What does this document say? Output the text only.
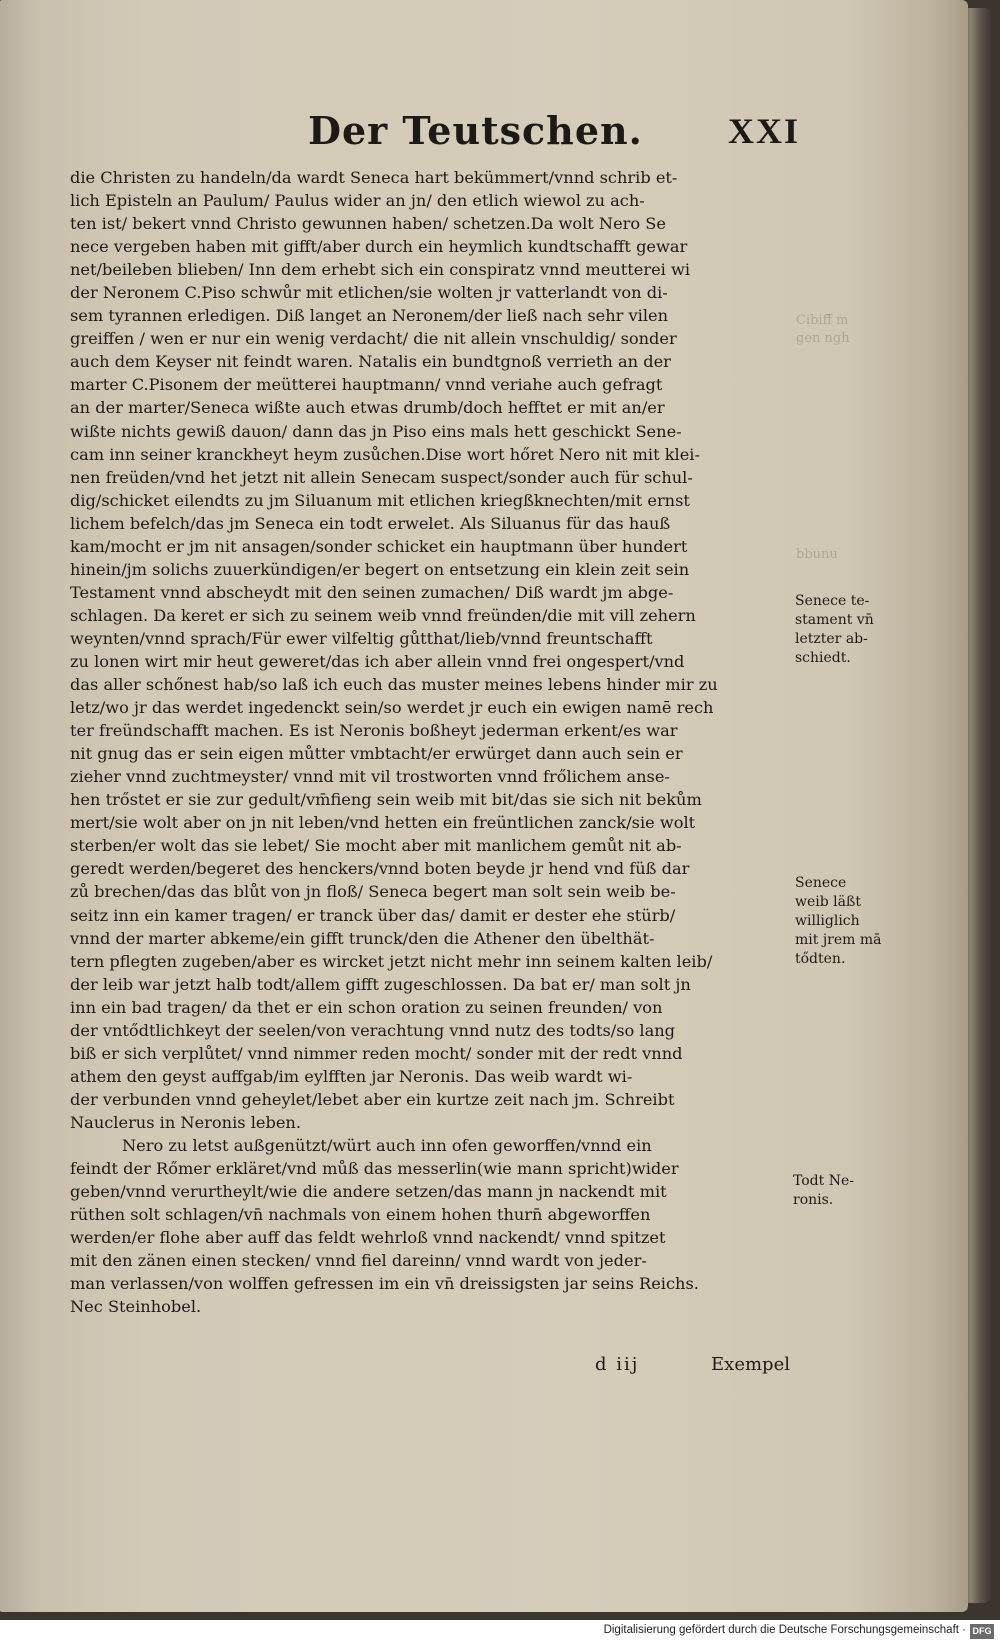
Der Teutschen. XXI
die Christen zu handeln/da wardt Seneca hart bekümmert/vnnd schrib et-
lich Episteln an Paulum/ Paulus wider an jn/ den etlich wiewol zu ach-
ten ist/ bekert vnnd Christo gewunnen haben/ schetzen.Da wolt Nero Se
nece vergeben haben mit gifft/aber durch ein heymlich kundtschafft gewar
net/beileben blieben/ Inn dem erhebt sich ein conspiratz vnnd meutterei wi
der Neronem C.Piso schwůr mit etlichen/sie wolten jr vatterlandt von di-
sem tyrannen erledigen. Diß langet an Neronem/der ließ nach sehr vilen
greiffen / wen er nur ein wenig verdacht/ die nit allein vnschuldig/ sonder
auch dem Keyser nit feindt waren. Natalis ein bundtgnoß verrieth an der
marter C.Pisonem der meütterei hauptmann/ vnnd veriahe auch gefragt
an der marter/Seneca wißte auch etwas drumb/doch hefftet er mit an/er
wißte nichts gewiß dauon/ dann das jn Piso eins mals hett geschickt Sene-
cam inn seiner kranckheyt heym zusůchen.Dise wort hőret Nero nit mit klei-
nen freüden/vnd het jetzt nit allein Senecam suspect/sonder auch für schul-
dig/schicket eilendts zu jm Siluanum mit etlichen kriegßknechten/mit ernst
lichem befelch/das jm Seneca ein todt erwelet. Als Siluanus für das hauß
kam/mocht er jm nit ansagen/sonder schicket ein hauptmann über hundert
hinein/jm solichs zuuerkündigen/er begert on entsetzung ein klein zeit sein
Testament vnnd abscheydt mit den seinen zumachen/ Diß wardt jm abge-
schlagen. Da keret er sich zu seinem weib vnnd freünden/die mit vill zehern
weynten/vnnd sprach/Für ewer vilfeltig gůtthat/lieb/vnnd freuntschafft
zu lonen wirt mir heut geweret/das ich aber allein vnnd frei ongespert/vnd
das aller schőnest hab/so laß ich euch das muster meines lebens hinder mir zu
letz/wo jr das werdet ingedenckt sein/so werdet jr euch ein ewigen namē rech
ter freündschafft machen. Es ist Neronis boßheyt jederman erkent/es war
nit gnug das er sein eigen můtter vmbtacht/er erwürget dann auch sein er
zieher vnnd zuchtmeyster/ vnnd mit vil trostworten vnnd frőlichem anse-
hen trőstet er sie zur gedult/vm̄fieng sein weib mit bit/das sie sich nit bekům
mert/sie wolt aber on jn nit leben/vnd hetten ein freüntlichen zanck/sie wolt
sterben/er wolt das sie lebet/ Sie mocht aber mit manlichem gemůt nit ab-
geredt werden/begeret des henckers/vnnd boten beyde jr hend vnd füß dar
zů brechen/das das blůt von jn floß/ Seneca begert man solt sein weib be-
seitz inn ein kamer tragen/ er tranck über das/ damit er dester ehe stürb/
vnnd der marter abkeme/ein gifft trunck/den die Athener den übelthät-
tern pflegten zugeben/aber es wircket jetzt nicht mehr inn seinem kalten leib/
der leib war jetzt halb todt/allem gifft zugeschlossen. Da bat er/ man solt jn
inn ein bad tragen/ da thet er ein schon oration zu seinen freunden/ von
der vntődtlichkeyt der seelen/von verachtung vnnd nutz des todts/so lang
biß er sich verplůtet/ vnnd nimmer reden mocht/ sonder mit der redt vnnd
athem den geyst auffgab/im eylfften jar Neronis. Das weib wardt wi-
der verbunden vnnd geheylet/lebet aber ein kurtze zeit nach jm. Schreibt
Nauclerus in Neronis leben.
Nero zu letst außgenützt/würt auch inn ofen geworffen/vnnd ein
feindt der Rőmer erkläret/vnd můß das messerlin(wie mann spricht)wider
geben/vnnd verurtheylt/wie die andere setzen/das mann jn nackendt mit
rüthen solt schlagen/vn̄ nachmals von einem hohen thurn̄ abgeworffen
werden/er flohe aber auff das feldt wehrloß vnnd nackendt/ vnnd spitzet
mit den zänen einen stecken/ vnnd fiel dareinn/ vnnd wardt von jeder-
man verlassen/von wolffen gefressen im ein vn̄ dreissigsten jar seins Reichs.
Nec Steinhobel.
Cibiff̄ m
gen ngh
bbunu
Senece te-
stament vn̄
letzter ab-
schiedt.
Senece
weib läßt
williglich
mit jrem mā
tődten.
Todt Ne-
ronis.
d iij	Exempel
Digitalisierung gefördert durch die Deutsche Forschungsgemeinschaft · DFG
